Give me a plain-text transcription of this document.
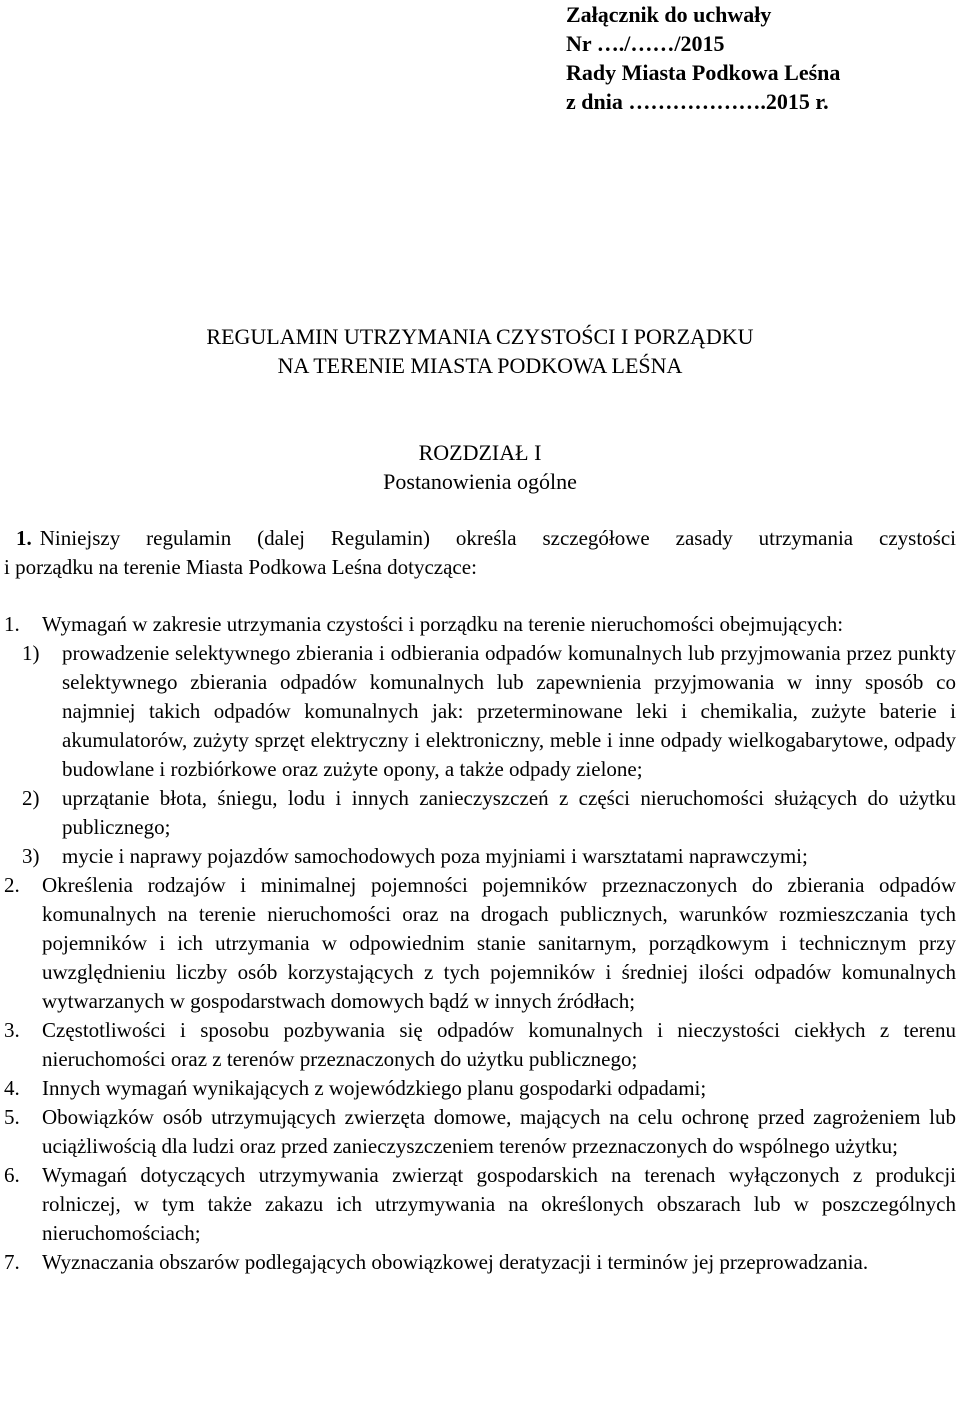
Załącznik do uchwały
Nr …./……/2015
Rady Miasta Podkowa Leśna
z dnia ……………….2015 r.
REGULAMIN UTRZYMANIA CZYSTOŚCI I PORZĄDKU
NA TERENIE MIASTA PODKOWA LEŚNA
ROZDZIAŁ I
Postanowienia ogólne
1. Niniejszy regulamin (dalej Regulamin) określa szczegółowe zasady utrzymania czystości
i porządku na terenie Miasta Podkowa Leśna dotyczące:
1. Wymagań w zakresie utrzymania czystości i porządku na terenie nieruchomości obejmujących:
1) prowadzenie selektywnego zbierania i odbierania odpadów komunalnych lub przyjmowania przez punkty selektywnego zbierania odpadów komunalnych lub zapewnienia przyjmowania w inny sposób co najmniej takich odpadów komunalnych jak: przeterminowane leki i chemikalia, zużyte baterie i akumulatorów, zużyty sprzęt elektryczny i elektroniczny, meble i inne odpady wielkogabarytowe, odpady budowlane i rozbiórkowe oraz zużyte opony, a także odpady zielone;
2) uprzątanie błota, śniegu, lodu i innych zanieczyszczeń z części nieruchomości służących do użytku publicznego;
3) mycie i naprawy pojazdów samochodowych poza myjniami i warsztatami naprawczymi;
2. Określenia rodzajów i minimalnej pojemności pojemników przeznaczonych do zbierania odpadów komunalnych na terenie nieruchomości oraz na drogach publicznych, warunków rozmieszczania tych pojemników i ich utrzymania w odpowiednim stanie sanitarnym, porządkowym i technicznym przy uwzględnieniu liczby osób korzystających z tych pojemników i średniej ilości odpadów komunalnych wytwarzanych w gospodarstwach domowych bądź w innych źródłach;
3. Częstotliwości i sposobu pozbywania się odpadów komunalnych i nieczystości ciekłych z terenu nieruchomości oraz z terenów przeznaczonych do użytku publicznego;
4. Innych wymagań wynikających z wojewódzkiego planu gospodarki odpadami;
5. Obowiązków osób utrzymujących zwierzęta domowe, mających na celu ochronę przed zagrożeniem lub uciążliwością dla ludzi oraz przed zanieczyszczeniem terenów przeznaczonych do wspólnego użytku;
6. Wymagań dotyczących utrzymywania zwierząt gospodarskich na terenach wyłączonych z produkcji rolniczej, w tym także zakazu ich utrzymywania na określonych obszarach lub w poszczególnych nieruchomościach;
7. Wyznaczania obszarów podlegających obowiązkowej deratyzacji i terminów jej przeprowadzania.
